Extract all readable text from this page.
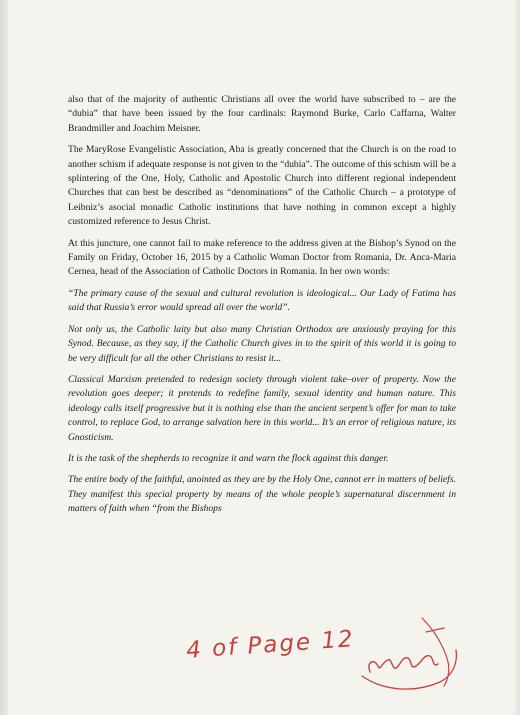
also that of the majority of authentic Christians all over the world have subscribed to – are the “dubia” that have been issued by the four cardinals: Raymond Burke, Carlo Caffarna, Walter Brandmiller and Joachim Meisner.

The MaryRose Evangelistic Association, Aba is greatly concerned that the Church is on the road to another schism if adequate response is not given to the “dubia”. The outcome of this schism will be a splintering of the One, Holy, Catholic and Apostolic Church into different regional independent Churches that can best be described as “denominations” of the Catholic Church – a prototype of Leibniz’s asocial monadic Catholic institutions that have nothing in common except a highly customized reference to Jesus Christ.

At this juncture, one cannot fail to make reference to the address given at the Bishop’s Synod on the Family on Friday, October 16, 2015 by a Catholic Woman Doctor from Romania, Dr. Anca-Maria Cernea, head of the Association of Catholic Doctors in Romania. In her own words:

“The primary cause of the sexual and cultural revolution is ideological... Our Lady of Fatima has said that Russia’s error would spread all over the world”.

Not only us, the Catholic laity but also many Christian Orthodox are anxiously praying for this Synod. Because, as they say, if the Catholic Church gives in to the spirit of this world it is going to be very difficult for all the other Christians to resist it...

Classical Marxism pretended to redesign society through violent take–over of property. Now the revolution goes deeper; it pretends to redefine family, sexual identity and human nature. This ideology calls itself progressive but it is nothing else than the ancient serpent’s offer for man to take control, to replace God, to arrange salvation here in this world... It’s an error of religious nature, its Gnosticism.

It is the task of the shepherds to recognize it and warn the flock against this danger.

The entire body of the faithful, anointed as they are by the Holy One, cannot err in matters of beliefs. They manifest this special property by means of the whole people’s supernatural discernment in matters of faith when “from the Bishops

4 of Page 12
